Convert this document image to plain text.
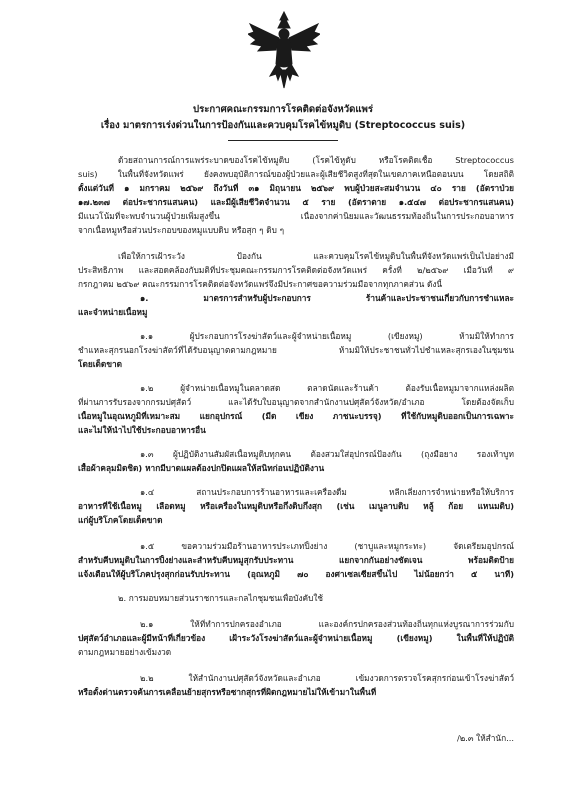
ประกาศคณะกรรมการโรคติดต่อจังหวัดแพร่
เรื่อง มาตรการเร่งด่วนในการป้องกันและควบคุมโรคไข้หมูดิบ (Streptococcus suis)
ด้วยสถานการณ์การแพร่ระบาดของโรคไข้หมูดิบ (โรคไข้หูดับ หรือโรคติดเชื้อ Streptococcus
suis) ในพื้นที่จังหวัดแพร่ ยังคงพบอุบัติการณ์ของผู้ป่วยและผู้เสียชีวิตสูงที่สุดในเขตภาคเหนือตอนบน โดยสถิติ
ตั้งแต่วันที่ ๑ มกราคม ๒๕๖๙ ถึงวันที่ ๓๑ มิถุนายน ๒๕๖๙ พบผู้ป่วยสะสมจำนวน ๔๐ ราย (อัตราป่วย
๑๗.๒๓๗ ต่อประชากรแสนคน) และมีผู้เสียชีวิตจำนวน ๕ ราย (อัตราตาย ๑.๕๔๗ ต่อประชากรแสนคน)
มีแนวโน้มที่จะพบจำนวนผู้ป่วยเพิ่มสูงขึ้น เนื่องจากค่านิยมและวัฒนธรรมท้องถิ่นในการประกอบอาหาร
จากเนื้อหมูหรือส่วนประกอบของหมูแบบดิบ หรือสุก ๆ ดิบ ๆ
เพื่อให้การเฝ้าระวัง ป้องกัน และควบคุมโรคไข้หมูดิบในพื้นที่จังหวัดแพร่เป็นไปอย่างมี
ประสิทธิภาพ และสอดคล้องกับมติที่ประชุมคณะกรรมการโรคติดต่อจังหวัดแพร่ ครั้งที่ ๒/๒๕๖๙ เมื่อวันที่ ๙
กรกฎาคม ๒๕๖๙ คณะกรรมการโรคติดต่อจังหวัดแพร่จึงมีประกาศขอความร่วมมือจากทุกภาคส่วน ดังนี้
๑. มาตรการสำหรับผู้ประกอบการ ร้านค้าและประชาชนเกี่ยวกับการชำแหละ
และจำหน่ายเนื้อหมู
๑.๑ ผู้ประกอบการโรงฆ่าสัตว์และผู้จำหน่ายเนื้อหมู (เขียงหมู) ห้ามมิให้ทำการ
ชำแหละสุกรนอกโรงฆ่าสัตว์ที่ได้รับอนุญาตตามกฎหมาย ห้ามมิให้ประชาชนทั่วไปชำแหละสุกรเองในชุมชน
โดยเด็ดขาด
๑.๒ ผู้จำหน่ายเนื้อหมูในตลาดสด ตลาดนัดและร้านค้า ต้องรับเนื้อหมูมาจากแหล่งผลิต
ที่ผ่านการรับรองจากกรมปศุสัตว์ และได้รับใบอนุญาตจากสำนักงานปศุสัตว์จังหวัด/อำเภอ โดยต้องจัดเก็บ
เนื้อหมูในอุณหภูมิที่เหมาะสม แยกอุปกรณ์ (มีด เขียง ภาชนะบรรจุ) ที่ใช้กับหมูดิบออกเป็นการเฉพาะ
และไม่ให้นำไปใช้ประกอบอาหารอื่น
๑.๓ ผู้ปฏิบัติงานสัมผัสเนื้อหมูดิบทุกคน ต้องสวมใส่อุปกรณ์ป้องกัน (ถุงมือยาง รองเท้าบูท
เสื้อผ้าคลุมมิดชิด) หากมีบาดแผลต้องปกปิดแผลให้สนิทก่อนปฏิบัติงาน
๑.๔ สถานประกอบการร้านอาหารและเครื่องดื่ม หลีกเลี่ยงการจำหน่ายหรือให้บริการ
อาหารที่ใช้เนื้อหมู เลือดหมู หรือเครื่องในหมูดิบหรือกึ่งดิบกึ่งสุก (เช่น เมนูลาบดิบ หลู้ ก้อย แหนมดิบ)
แก่ผู้บริโภคโดยเด็ดขาด
๑.๕ ขอความร่วมมือร้านอาหารประเภทปิ้งย่าง (ชาบูและหมูกระทะ) จัดเตรียมอุปกรณ์
สำหรับคีบหมูดิบในการปิ้งย่างและสำหรับคีบหมูสุกรับประทาน แยกจากกันอย่างชัดเจน พร้อมติดป้าย
แจ้งเตือนให้ผู้บริโภคปรุงสุกก่อนรับประทาน (อุณหภูมิ ๗๐ องศาเซลเซียสขึ้นไป ไม่น้อยกว่า ๕ นาที)
๒. การมอบหมายส่วนราชการและกลไกชุมชนเพื่อบังคับใช้
๒.๑ ให้ที่ทำการปกครองอำเภอ และองค์กรปกครองส่วนท้องถิ่นทุกแห่งบูรณาการร่วมกับ
ปศุสัตว์อำเภอและผู้มีหน้าที่เกี่ยวข้อง เฝ้าระวังโรงฆ่าสัตว์และผู้จำหน่ายเนื้อหมู (เขียงหมู) ในพื้นที่ให้ปฏิบัติ
ตามกฎหมายอย่างเข้มงวด
๒.๒ ให้สำนักงานปศุสัตว์จังหวัดและอำเภอ เข้มงวดการตรวจโรคสุกรก่อนเข้าโรงฆ่าสัตว์
หรือตั้งด่านตรวจค้นการเคลื่อนย้ายสุกรหรือซากสุกรที่ผิดกฎหมายไม่ให้เข้ามาในพื้นที่
/๒.๓ ให้สำนัก...
